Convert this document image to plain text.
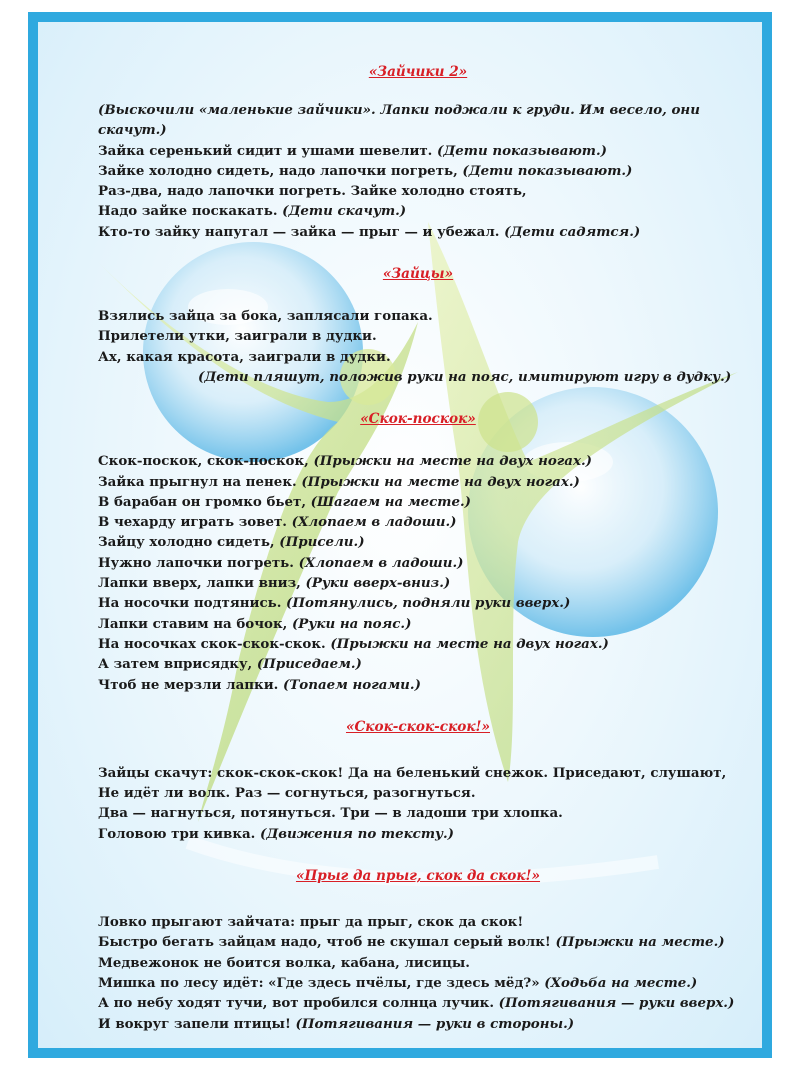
«Зайчики 2»
(Выскочили «маленькие зайчики». Лапки поджали к груди. Им весело, они
скачут.)
Зайка серенький сидит и ушами шевелит. (Дети показывают.)
Зайке холодно сидеть, надо лапочки погреть, (Дети показывают.)
Раз-два, надо лапочки погреть. Зайке холодно стоять,
Надо зайке поскакать. (Дети скачут.)
Кто-то зайку напугал — зайка — прыг — и убежал. (Дети садятся.)
«Зайцы»
Взялись зайца за бока, заплясали гопака.
Прилетели утки, заиграли в дудки.
Ах, какая красота, заиграли в дудки.
(Дети пляшут, положив руки на пояс, имитируют игру в дудку.)
«Скок-поскок»
Скок-поскок, скок-поскок, (Прыжки на месте на двух ногах.)
Зайка прыгнул на пенек. (Прыжки на месте на двух ногах.)
В барабан он громко бьет, (Шагаем на месте.)
В чехарду играть зовет. (Хлопаем в ладоши.)
Зайцу холодно сидеть, (Присели.)
Нужно лапочки погреть. (Хлопаем в ладоши.)
Лапки вверх, лапки вниз, (Руки вверх-вниз.)
На носочки подтянись. (Потянулись, подняли руки вверх.)
Лапки ставим на бочок, (Руки на пояс.)
На носочках скок-скок-скок. (Прыжки на месте на двух ногах.)
А затем вприсядку, (Приседаем.)
Чтоб не мерзли лапки. (Топаем ногами.)
«Скок-скок-скок!»
Зайцы скачут: скок-скок-скок! Да на беленький снежок. Приседают, слушают,
Не идёт ли волк. Раз — согнуться, разогнуться.
Два — нагнуться, потянуться. Три — в ладоши три хлопка.
Головою три кивка. (Движения по тексту.)
«Прыг да прыг, скок да скок!»
Ловко прыгают зайчата: прыг да прыг, скок да скок!
Быстро бегать зайцам надо, чтоб не скушал серый волк! (Прыжки на месте.)
Медвежонок не боится волка, кабана, лисицы.
Мишка по лесу идёт: «Где здесь пчёлы, где здесь мёд?» (Ходьба на месте.)
А по небу ходят тучи, вот пробился солнца лучик. (Потягивания — руки вверх.)
И вокруг запели птицы! (Потягивания — руки в стороны.)
